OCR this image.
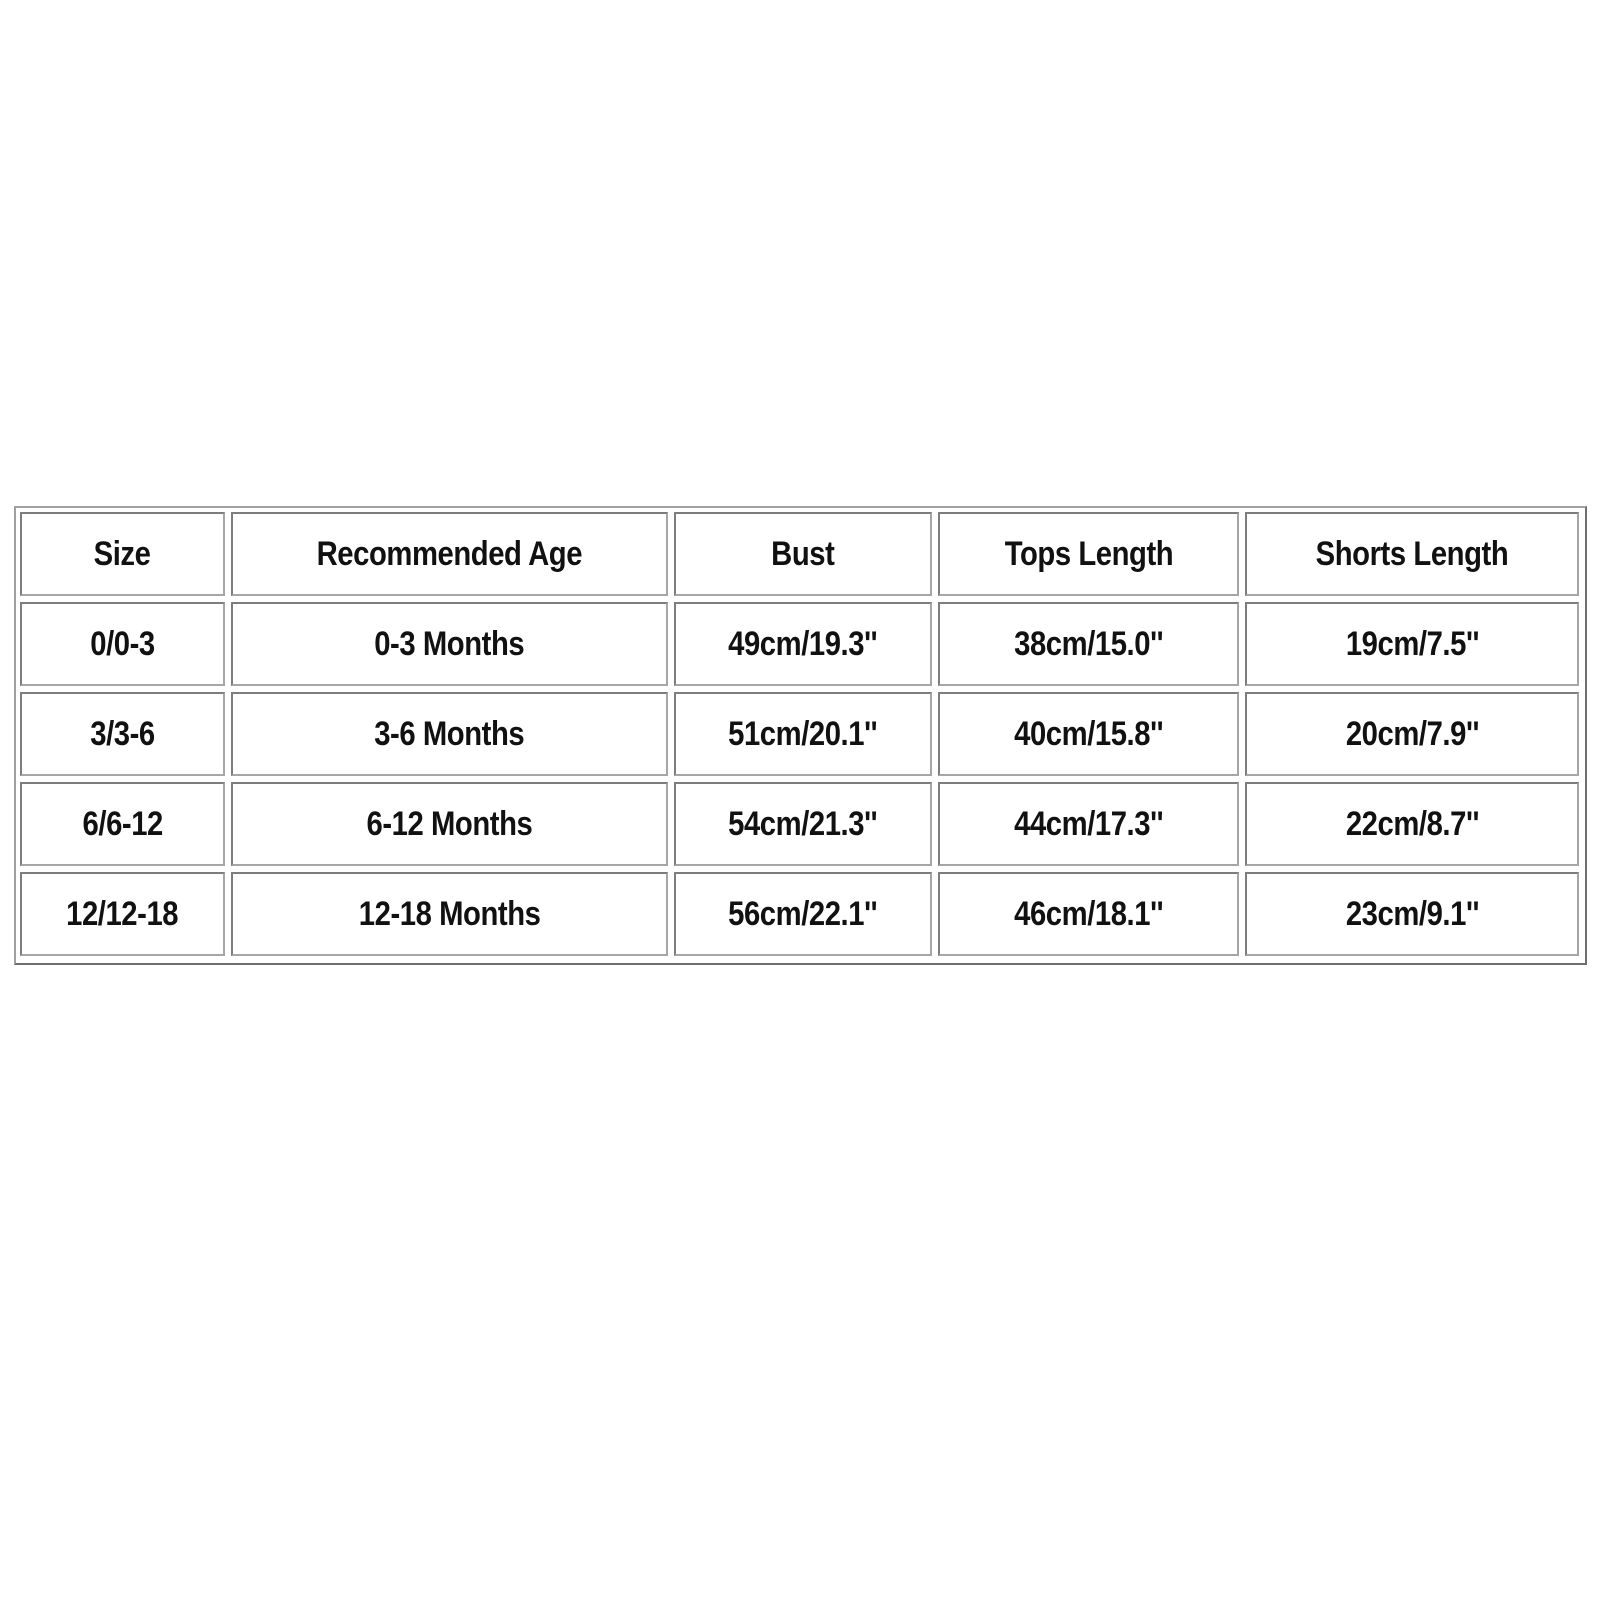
Size	Recommended Age	Bust	Tops Length	Shorts Length
0/0-3	0-3 Months	49cm/19.3''	38cm/15.0''	19cm/7.5''
3/3-6	3-6 Months	51cm/20.1''	40cm/15.8''	20cm/7.9''
6/6-12	6-12 Months	54cm/21.3''	44cm/17.3''	22cm/8.7''
12/12-18	12-18 Months	56cm/22.1''	46cm/18.1''	23cm/9.1''
